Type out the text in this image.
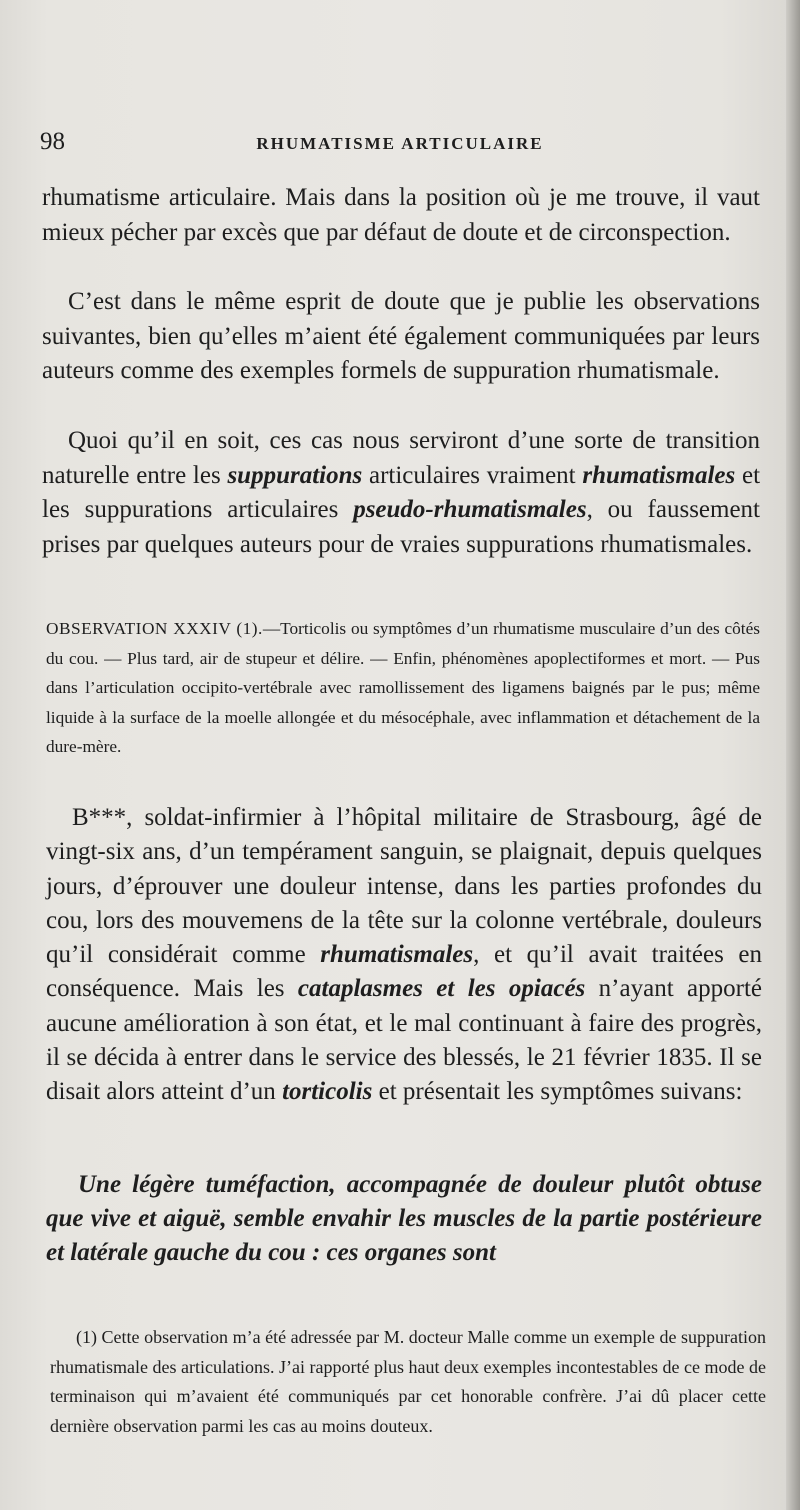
98	RHUMATISME ARTICULAIRE

rhumatisme articulaire. Mais dans la position où je me trouve, il vaut mieux pécher par excès que par défaut de doute et de circonspection.

C’est dans le même esprit de doute que je publie les observations suivantes, bien qu’elles m’aient été également communiquées par leurs auteurs comme des exemples formels de suppuration rhumatismale.

Quoi qu’il en soit, ces cas nous serviront d’une sorte de transition naturelle entre les suppurations articulaires vraiment rhumatismales et les suppurations articulaires pseudo-rhumatismales, ou faussement prises par quelques auteurs pour de vraies suppurations rhumatismales.

OBSERVATION XXXIV (1).—Torticolis ou symptômes d’un rhumatisme musculaire d’un des côtés du cou. — Plus tard, air de stupeur et délire. — Enfin, phénomènes apoplectiformes et mort. — Pus dans l’articulation occipito-vertébrale avec ramollissement des ligamens baignés par le pus; même liquide à la surface de la moelle allongée et du mésocéphale, avec inflammation et détachement de la dure-mère.

B***, soldat-infirmier à l’hôpital militaire de Strasbourg, âgé de vingt-six ans, d’un tempérament sanguin, se plaignait, depuis quelques jours, d’éprouver une douleur intense, dans les parties profondes du cou, lors des mouvemens de la tête sur la colonne vertébrale, douleurs qu’il considérait comme rhumatismales, et qu’il avait traitées en conséquence. Mais les cataplasmes et les opiacés n’ayant apporté aucune amélioration à son état, et le mal continuant à faire des progrès, il se décida à entrer dans le service des blessés, le 21 février 1835. Il se disait alors atteint d’un torticolis et présentait les symptômes suivans:

Une légère tuméfaction, accompagnée de douleur plutôt obtuse que vive et aiguë, semble envahir les muscles de la partie postérieure et latérale gauche du cou : ces organes sont

(1) Cette observation m’a été adressée par M. docteur Malle comme un exemple de suppuration rhumatismale des articulations. J’ai rapporté plus haut deux exemples incontestables de ce mode de terminaison qui m’avaient été communiqués par cet honorable confrère. J’ai dû placer cette dernière observation parmi les cas au moins douteux.
